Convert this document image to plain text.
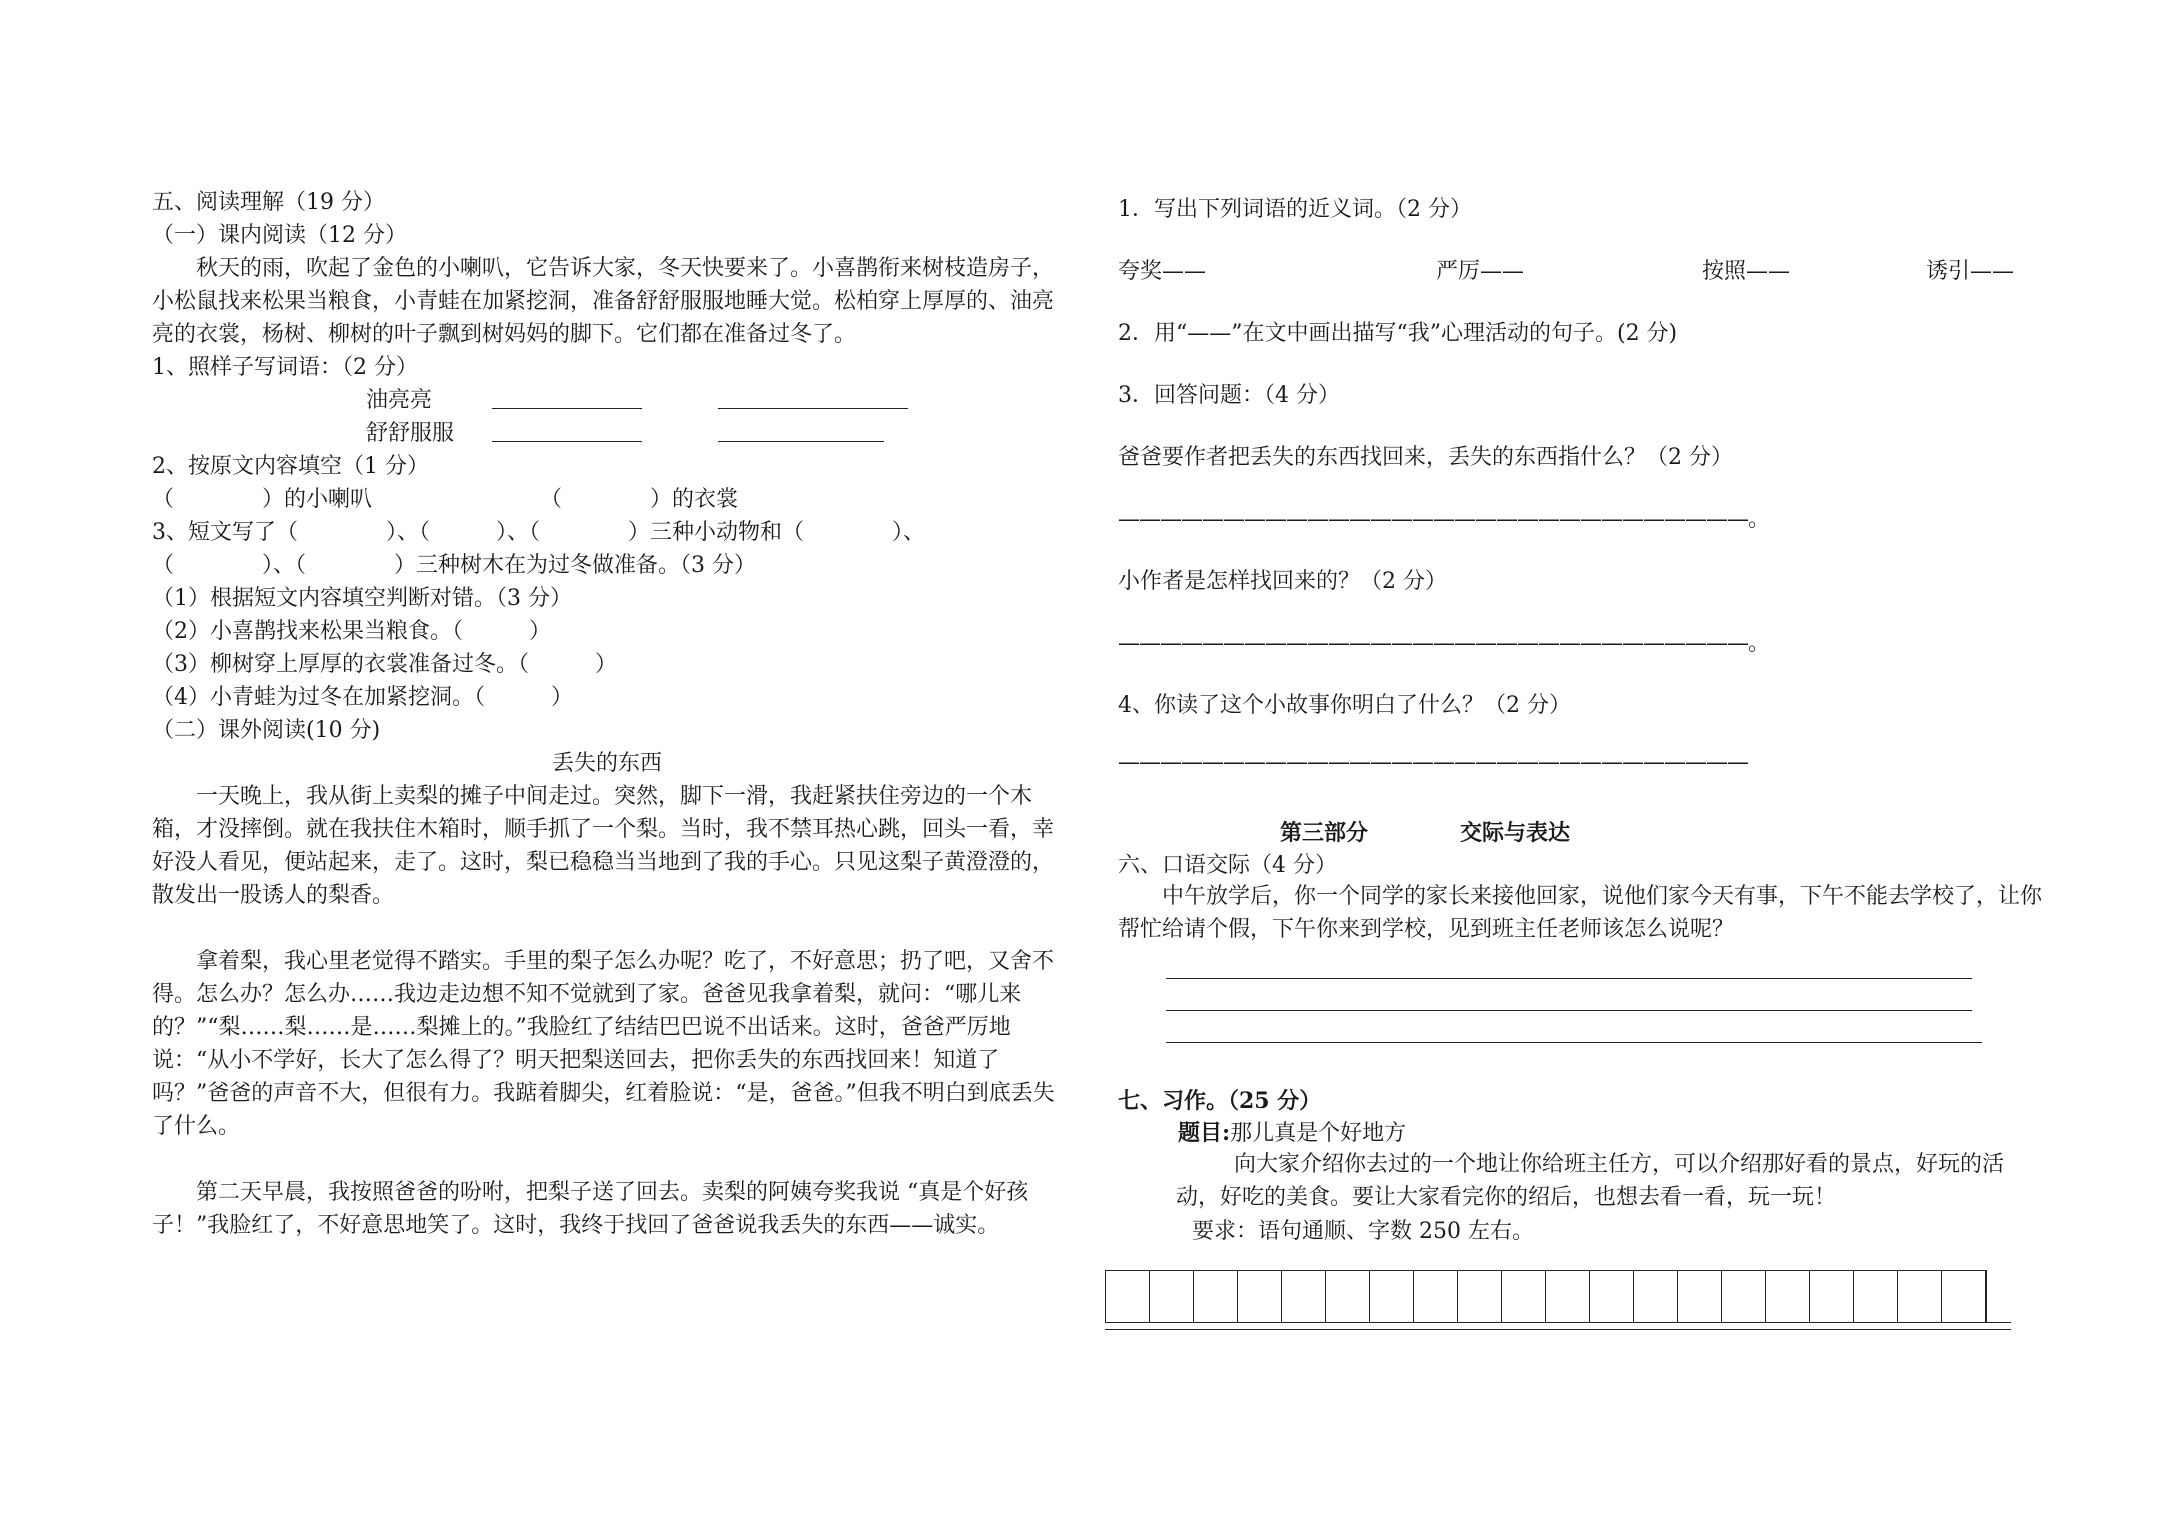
五、阅读理解（19 分）

（一）课内阅读（12 分）

秋天的雨，吹起了金色的小喇叭，它告诉大家，冬天快要来了。小喜鹊衔来树枝造房子，小松鼠找来松果当粮食，小青蛙在加紧挖洞，准备舒舒服服地睡大觉。松柏穿上厚厚的、油亮亮的衣裳，杨树、柳树的叶子飘到树妈妈的脚下。它们都在准备过冬了。

1、照样子写词语：（2 分）

油亮亮
舒舒服服

2、按原文内容填空（1 分）

（　　　　）的小喇叭	（　　　　）的衣裳

3、短文写了（　　　　）、（　　　）、（　　　　）三种小动物和（　　　　）、

（　　　　）、（　　　　）三种树木在为过冬做准备。（3 分）

（1）根据短文内容填空判断对错。（3 分）

（2）小喜鹊找来松果当粮食。（　　　）

（3）柳树穿上厚厚的衣裳准备过冬。（　　　）

（4）小青蛙为过冬在加紧挖洞。（　　　）

（二）课外阅读(10 分)

丢失的东西

一天晚上，我从街上卖梨的摊子中间走过。突然，脚下一滑，我赶紧扶住旁边的一个木箱，才没摔倒。就在我扶住木箱时，顺手抓了一个梨。当时，我不禁耳热心跳，回头一看，幸好没人看见，便站起来，走了。这时，梨已稳稳当当地到了我的手心。只见这梨子黄澄澄的，散发出一股诱人的梨香。

拿着梨，我心里老觉得不踏实。手里的梨子怎么办呢？吃了，不好意思；扔了吧，又舍不得。怎么办？怎么办……我边走边想不知不觉就到了家。爸爸见我拿着梨，就问：“哪儿来的？”“梨……梨……是……梨摊上的。”我脸红了结结巴巴说不出话来。这时，爸爸严厉地说：“从小不学好，长大了怎么得了？明天把梨送回去，把你丢失的东西找回来！知道了吗？”爸爸的声音不大，但很有力。我踮着脚尖，红着脸说：“是，爸爸。”但我不明白到底丢失了什么。

第二天早晨，我按照爸爸的吩咐，把梨子送了回去。卖梨的阿姨夸奖我说 “真是个好孩子！”我脸红了，不好意思地笑了。这时，我终于找回了爸爸说我丢失的东西——诚实。

1．写出下列词语的近义词。（2 分）

夸奖——	严厉——	按照——	诱引——

2．用“——”在文中画出描写“我”心理活动的句子。(2 分)

3．回答问题：（4 分）

爸爸要作者把丢失的东西找回来，丢失的东西指什么？（2 分）

——————————————————————————————。

小作者是怎样找回来的？（2 分）

——————————————————————————————。

4、你读了这个小故事你明白了什么？（2 分）

——————————————————————————————

第三部分	交际与表达

六、口语交际（4 分）

中午放学后，你一个同学的家长来接他回家，说他们家今天有事，下午不能去学校了，让你帮忙给请个假，下午你来到学校，见到班主任老师该怎么说呢？

七、习作。（25 分）

题目:那儿真是个好地方

向大家介绍你去过的一个地让你给班主任方，可以介绍那好看的景点，好玩的活动，好吃的美食。要让大家看完你的绍后，也想去看一看，玩一玩！

要求：语句通顺、字数 250 左右。
